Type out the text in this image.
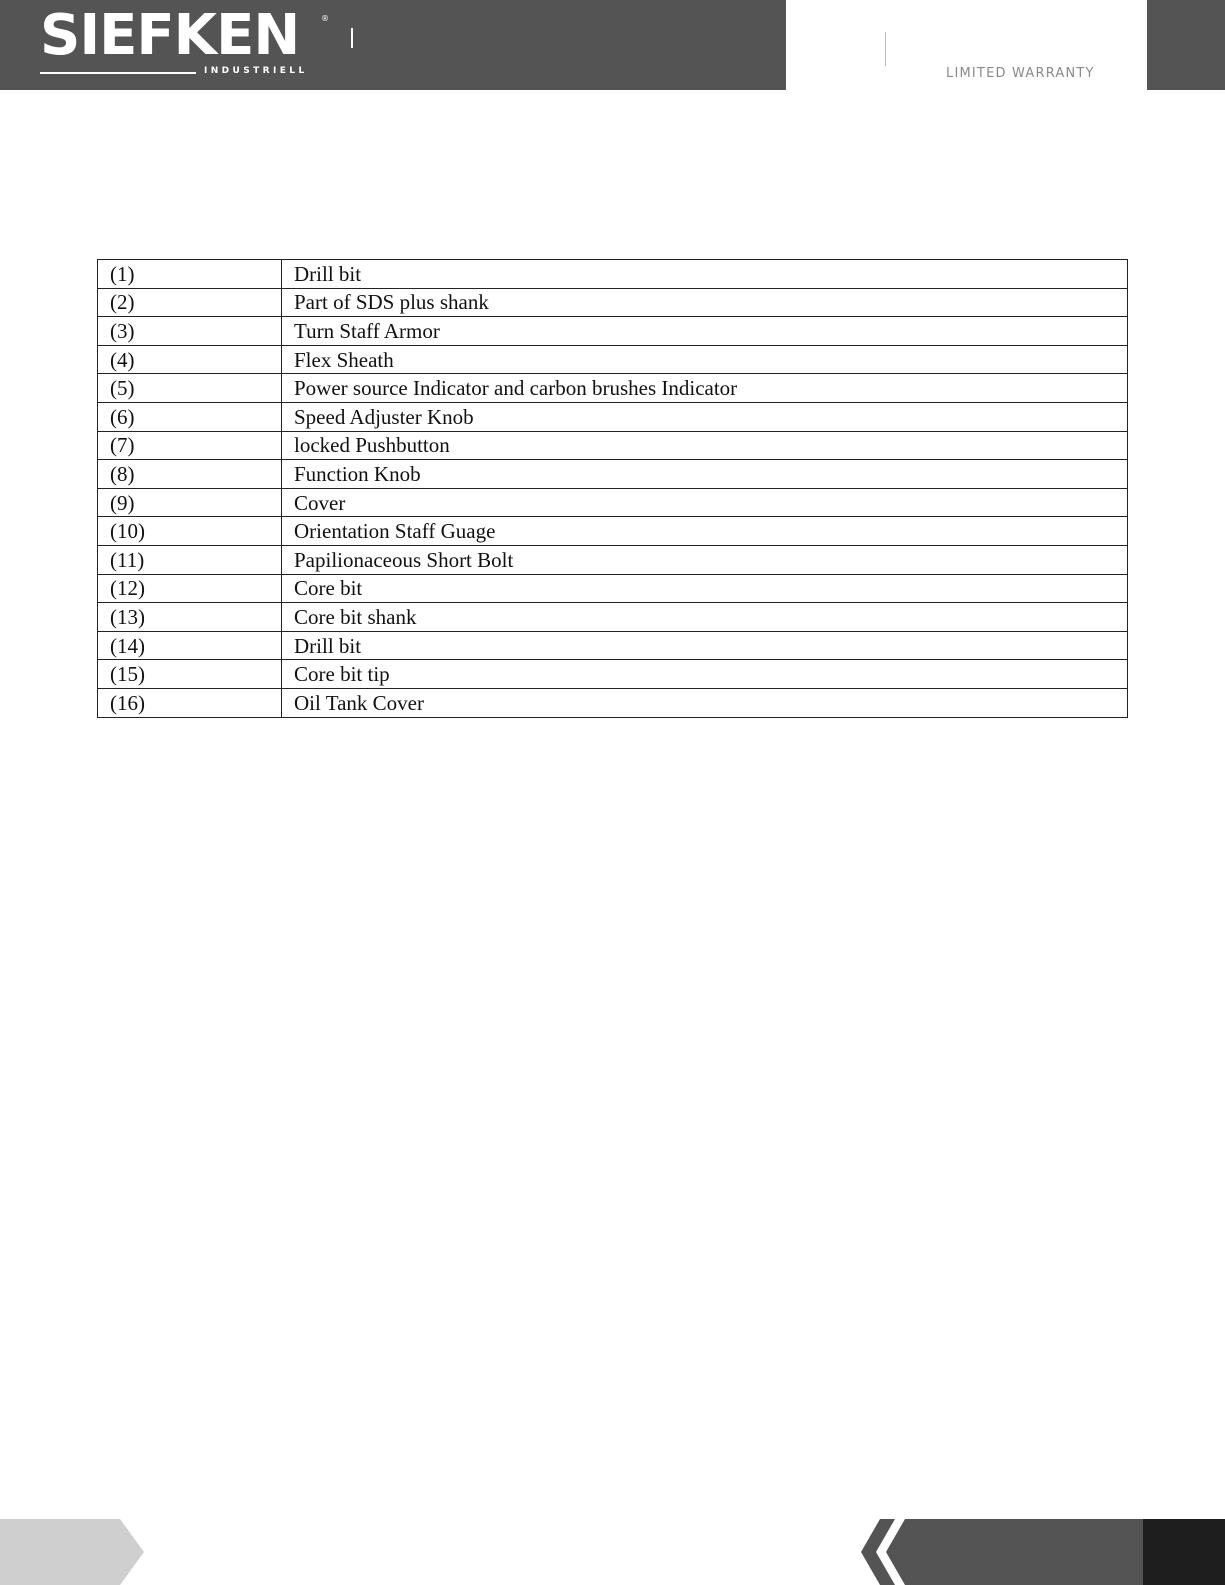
SIEFKEN	®
INDUSTRIELL	LIMITED WARRANTY
(1)	Drill bit
(2)	Part of SDS plus shank
(3)	Turn Staff Armor
(4)	Flex Sheath
(5)	Power source Indicator and carbon brushes Indicator
(6)	Speed Adjuster Knob
(7)	locked Pushbutton
(8)	Function Knob
(9)	Cover
(10)	Orientation Staff Guage
(11)	Papilionaceous Short Bolt
(12)	Core bit
(13)	Core bit shank
(14)	Drill bit
(15)	Core bit tip
(16)	Oil Tank Cover
